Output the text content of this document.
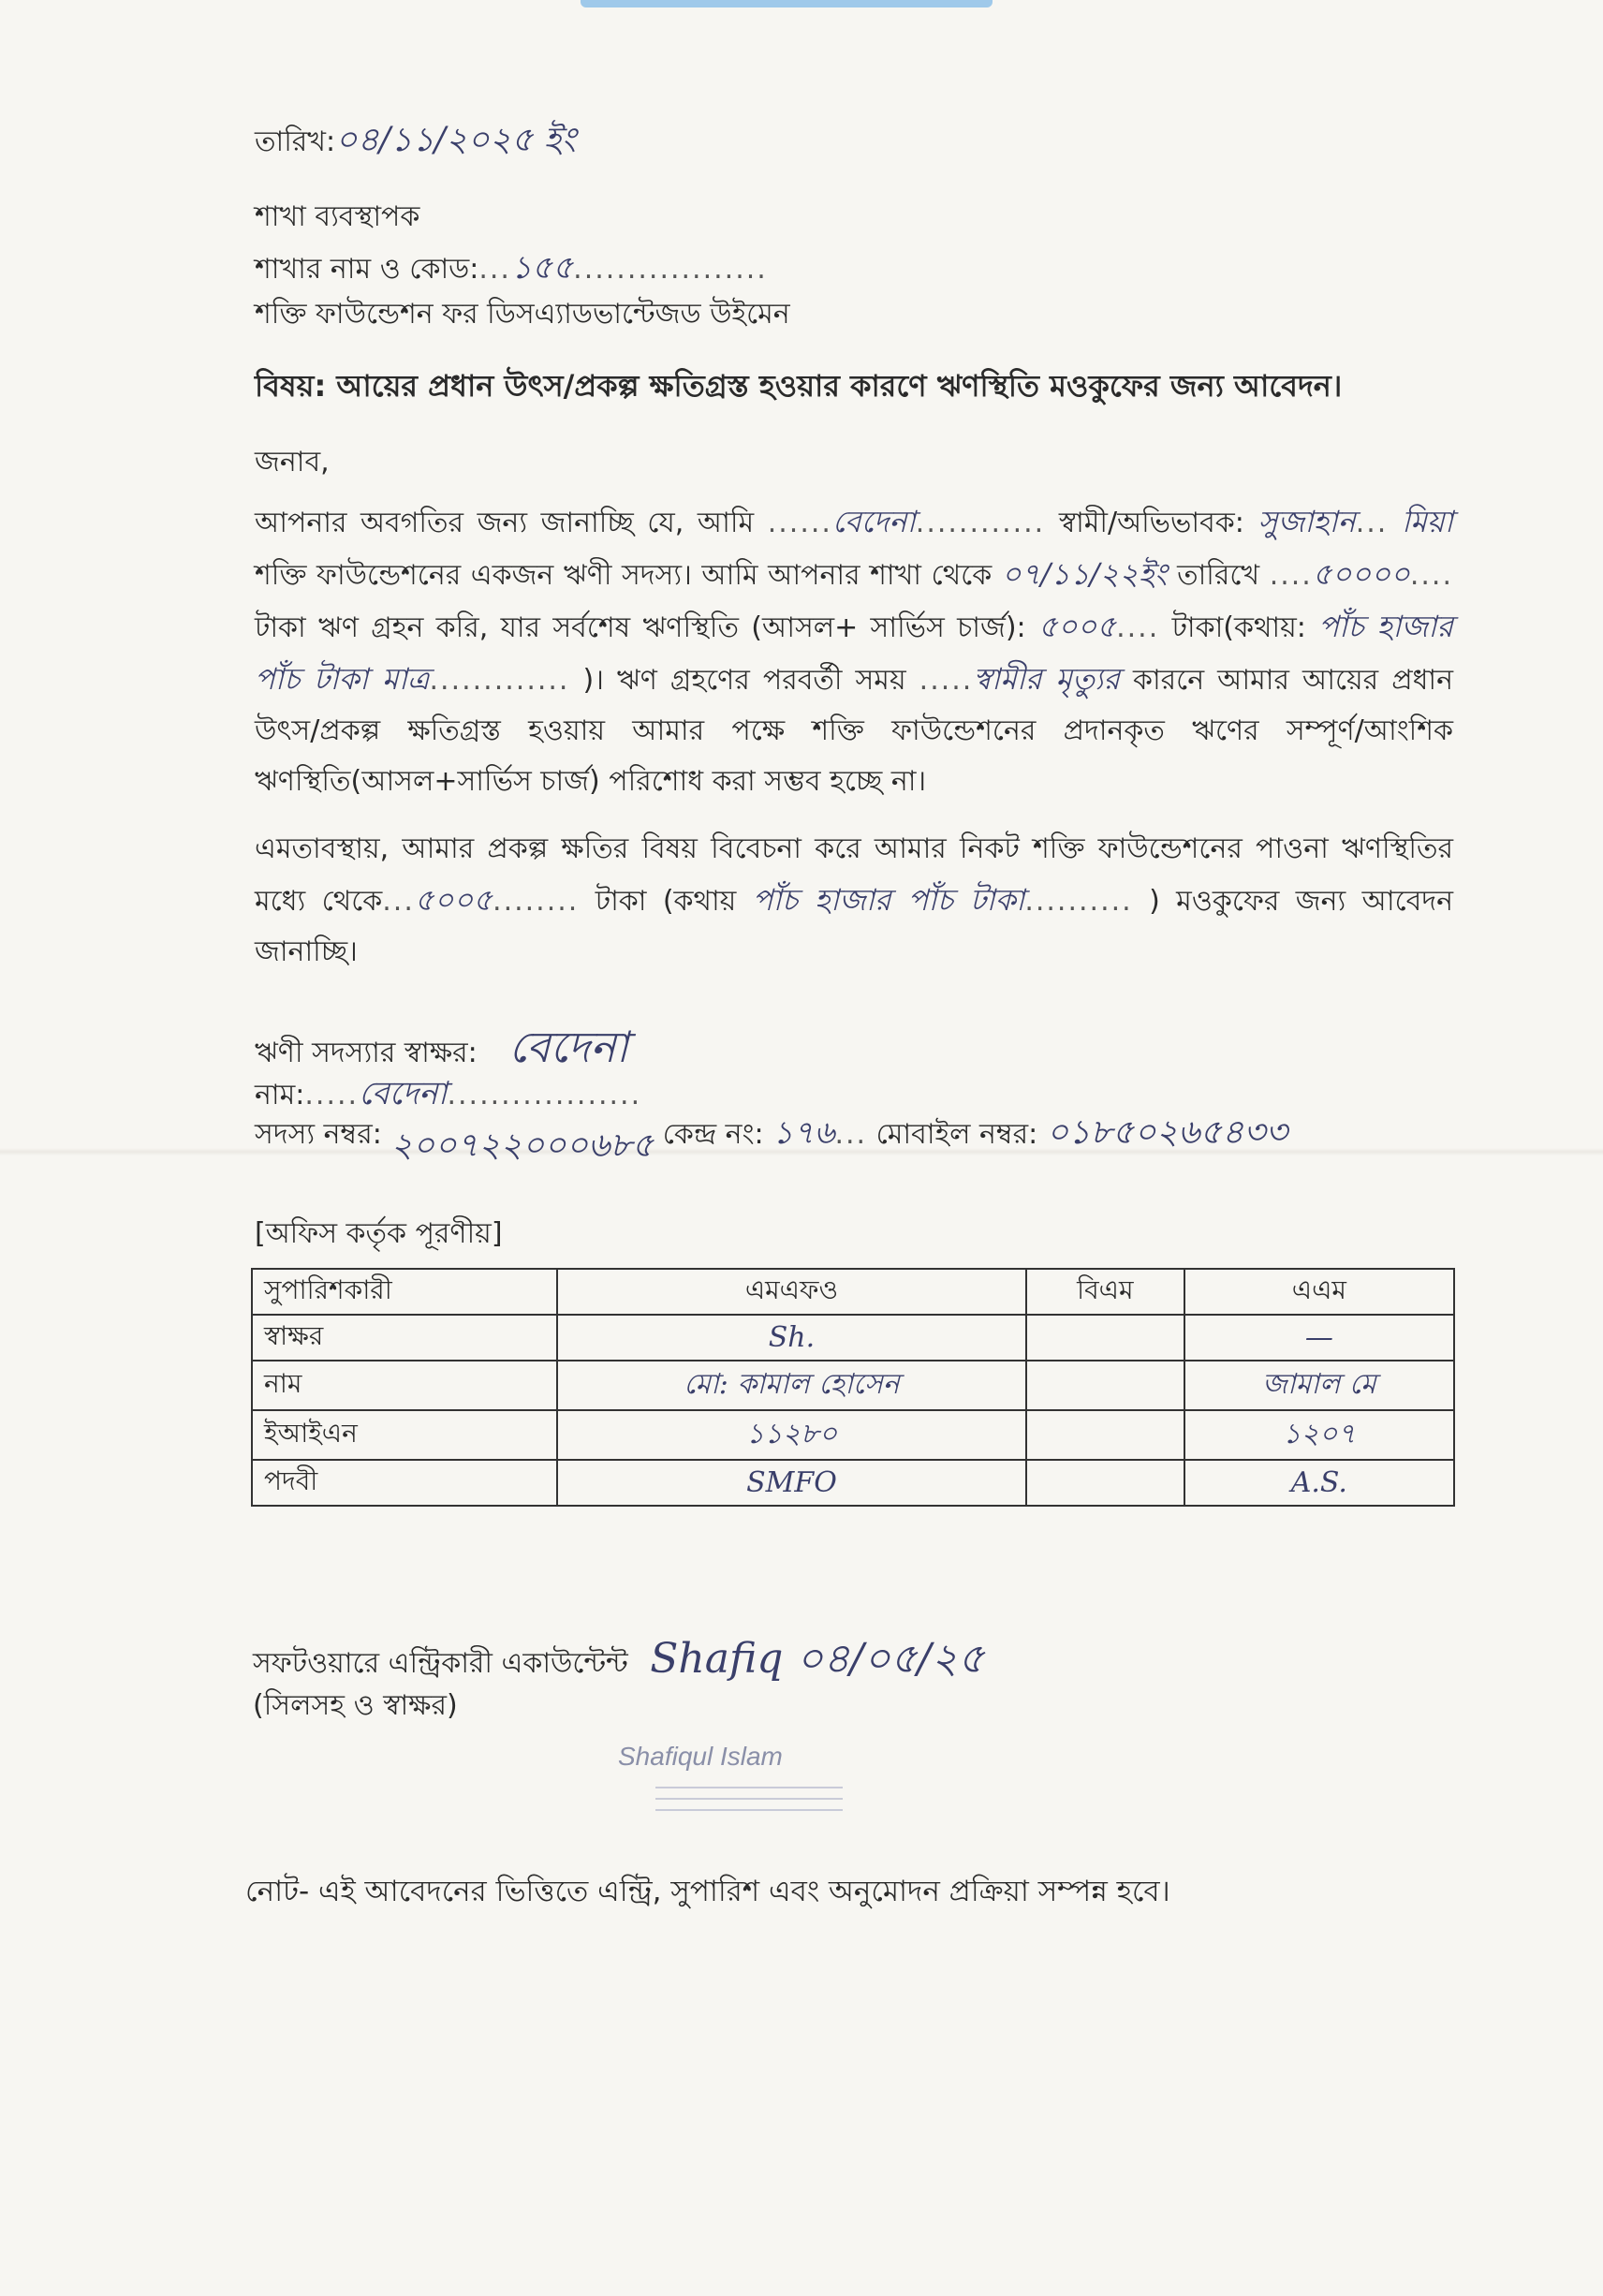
তারিখ:০৪/১১/২০২৫ ইং
শাখা ব্যবস্থাপক
শাখার নাম ও কোড:...১৫৫..................
শক্তি ফাউন্ডেশন ফর ডিসএ্যাডভান্টেজড উইমেন
বিষয়: আয়ের প্রধান উৎস/প্রকল্প ক্ষতিগ্রস্ত হওয়ার কারণে ঋণস্থিতি মওকুফের জন্য আবেদন।
জনাব,

আপনার অবগতির জন্য জানাচ্ছি যে, আমি ......বেদেনা............ স্বামী/অভিভাবক: সুজাহান... মিয়া শক্তি ফাউন্ডেশনের একজন ঋণী সদস্য। আমি আপনার শাখা থেকে ০৭/১১/২২ইং তারিখে ....৫০০০০.... টাকা ঋণ গ্রহন করি, যার সর্বশেষ ঋণস্থিতি (আসল+ সার্ভিস চার্জ): ৫০০৫.... টাকা(কথায়: পাঁচ হাজার পাঁচ টাকা মাত্র............. )। ঋণ গ্রহণের পরবর্তী সময় .....স্বামীর মৃত্যুর কারনে আমার আয়ের প্রধান উৎস/প্রকল্প ক্ষতিগ্রস্ত হওয়ায় আমার পক্ষে শক্তি ফাউন্ডেশনের প্রদানকৃত ঋণের সম্পূর্ণ/আংশিক ঋণস্থিতি(আসল+সার্ভিস চার্জ) পরিশোধ করা সম্ভব হচ্ছে না।

এমতাবস্থায়, আমার প্রকল্প ক্ষতির বিষয় বিবেচনা করে আমার নিকট শক্তি ফাউন্ডেশনের পাওনা ঋণস্থিতির মধ্যে থেকে...৫০০৫........ টাকা (কথায় পাঁচ হাজার পাঁচ টাকা.......... ) মওকুফের জন্য আবেদন জানাচ্ছি।

ঋণী সদস্যার স্বাক্ষর: বেদেনা
নাম:.....বেদেনা..................
সদস্য নম্বর: ২০০৭২২০০০৬৮৫ কেন্দ্র নং: ১৭৬... মোবাইল নম্বর: ০১৮৫০২৬৫৪৩৩
[অফিস কর্তৃক পূরণীয়]
সুপারিশকারী	এমএফও	বিএম	এএম
স্বাক্ষর	Sh.		—
নাম	মো: কামাল হোসেন		জামাল মে
ইআইএন	১১২৮০		১২০৭
পদবী	SMFO		A.S.
সফটওয়ারে এন্ট্রিকারী একাউন্টেন্ট Shafiq ০৪/০৫/২৫
(সিলসহ ও স্বাক্ষর)
Shafiqul Islam
নোট- এই আবেদনের ভিত্তিতে এন্ট্রি, সুপারিশ এবং অনুমোদন প্রক্রিয়া সম্পন্ন হবে।
